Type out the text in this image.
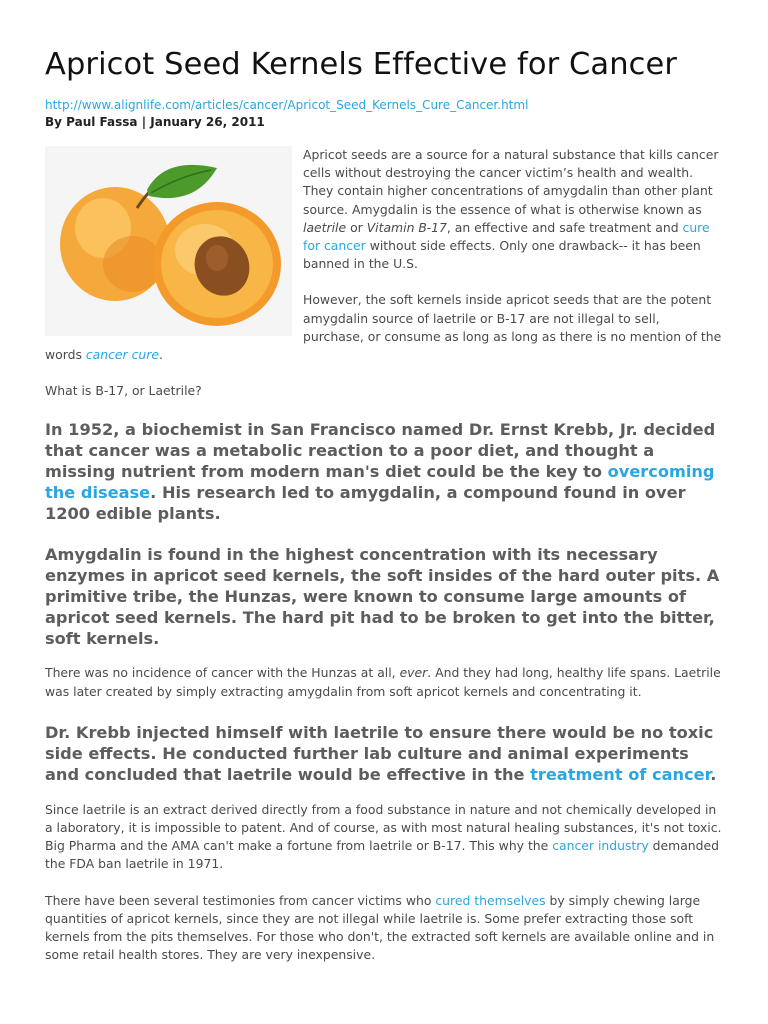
Apricot Seed Kernels Effective for Cancer
http://www.alignlife.com/articles/cancer/Apricot_Seed_Kernels_Cure_Cancer.html
By Paul Fassa | January 26, 2011

Apricot seeds are a source for a natural substance that kills cancer cells without destroying the cancer victim’s health and wealth. They contain higher concentrations of amygdalin than other plant source. Amygdalin is the essence of what is otherwise known as laetrile or Vitamin B-17, an effective and safe treatment and cure for cancer without side effects. Only one drawback-- it has been banned in the U.S.

However, the soft kernels inside apricot seeds that are the potent amygdalin source of laetrile or B-17 are not illegal to sell, purchase, or consume as long as long as there is no mention of the words cancer cure.

What is B-17, or Laetrile?

In 1952, a biochemist in San Francisco named Dr. Ernst Krebb, Jr. decided that cancer was a metabolic reaction to a poor diet, and thought a missing nutrient from modern man's diet could be the key to overcoming the disease. His research led to amygdalin, a compound found in over 1200 edible plants.

Amygdalin is found in the highest concentration with its necessary enzymes in apricot seed kernels, the soft insides of the hard outer pits. A primitive tribe, the Hunzas, were known to consume large amounts of apricot seed kernels. The hard pit had to be broken to get into the bitter, soft kernels.

There was no incidence of cancer with the Hunzas at all, ever. And they had long, healthy life spans. Laetrile was later created by simply extracting amygdalin from soft apricot kernels and concentrating it.

Dr. Krebb injected himself with laetrile to ensure there would be no toxic side effects. He conducted further lab culture and animal experiments and concluded that laetrile would be effective in the treatment of cancer.

Since laetrile is an extract derived directly from a food substance in nature and not chemically developed in a laboratory, it is impossible to patent. And of course, as with most natural healing substances, it's not toxic. Big Pharma and the AMA can't make a fortune from laetrile or B-17. This why the cancer industry demanded the FDA ban laetrile in 1971.

There have been several testimonies from cancer victims who cured themselves by simply chewing large quantities of apricot kernels, since they are not illegal while laetrile is. Some prefer extracting those soft kernels from the pits themselves. For those who don't, the extracted soft kernels are available online and in some retail health stores. They are very inexpensive.
